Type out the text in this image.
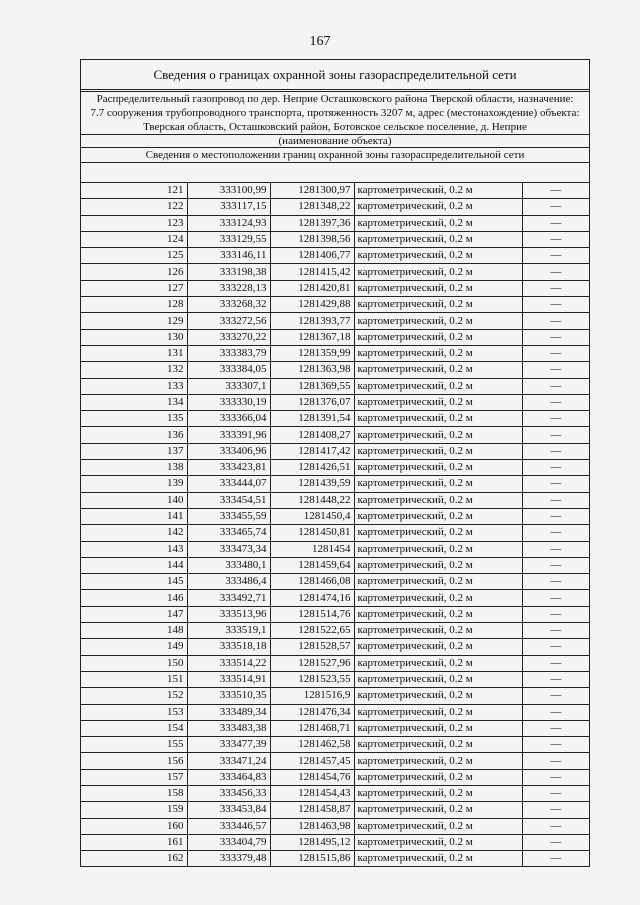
167
Сведения о границах охранной зоны газораспределительной сети
Распределительный газопровод по дер. Неприе Осташковского района Тверской области, назначение:
7.7 сооружения трубопроводного транспорта, протяженность 3207 м, адрес (местонахождение) объекта:
Тверская область, Осташковский район, Ботовское сельское поселение, д. Неприе
(наименование объекта)
Сведения о местоположении границ охранной зоны газораспределительной сети
121	333100,99	1281300,97	картометрический, 0.2 м	—
122	333117,15	1281348,22	картометрический, 0.2 м	—
123	333124,93	1281397,36	картометрический, 0.2 м	—
124	333129,55	1281398,56	картометрический, 0.2 м	—
125	333146,11	1281406,77	картометрический, 0.2 м	—
126	333198,38	1281415,42	картометрический, 0.2 м	—
127	333228,13	1281420,81	картометрический, 0.2 м	—
128	333268,32	1281429,88	картометрический, 0.2 м	—
129	333272,56	1281393,77	картометрический, 0.2 м	—
130	333270,22	1281367,18	картометрический, 0.2 м	—
131	333383,79	1281359,99	картометрический, 0.2 м	—
132	333384,05	1281363,98	картометрический, 0.2 м	—
133	333307,1	1281369,55	картометрический, 0.2 м	—
134	333330,19	1281376,07	картометрический, 0.2 м	—
135	333366,04	1281391,54	картометрический, 0.2 м	—
136	333391,96	1281408,27	картометрический, 0.2 м	—
137	333406,96	1281417,42	картометрический, 0.2 м	—
138	333423,81	1281426,51	картометрический, 0.2 м	—
139	333444,07	1281439,59	картометрический, 0.2 м	—
140	333454,51	1281448,22	картометрический, 0.2 м	—
141	333455,59	1281450,4	картометрический, 0.2 м	—
142	333465,74	1281450,81	картометрический, 0.2 м	—
143	333473,34	1281454	картометрический, 0.2 м	—
144	333480,1	1281459,64	картометрический, 0.2 м	—
145	333486,4	1281466,08	картометрический, 0.2 м	—
146	333492,71	1281474,16	картометрический, 0.2 м	—
147	333513,96	1281514,76	картометрический, 0.2 м	—
148	333519,1	1281522,65	картометрический, 0.2 м	—
149	333518,18	1281528,57	картометрический, 0.2 м	—
150	333514,22	1281527,96	картометрический, 0.2 м	—
151	333514,91	1281523,55	картометрический, 0.2 м	—
152	333510,35	1281516,9	картометрический, 0.2 м	—
153	333489,34	1281476,34	картометрический, 0.2 м	—
154	333483,38	1281468,71	картометрический, 0.2 м	—
155	333477,39	1281462,58	картометрический, 0.2 м	—
156	333471,24	1281457,45	картометрический, 0.2 м	—
157	333464,83	1281454,76	картометрический, 0.2 м	—
158	333456,33	1281454,43	картометрический, 0.2 м	—
159	333453,84	1281458,87	картометрический, 0.2 м	—
160	333446,57	1281463,98	картометрический, 0.2 м	—
161	333404,79	1281495,12	картометрический, 0.2 м	—
162	333379,48	1281515,86	картометрический, 0.2 м	—
